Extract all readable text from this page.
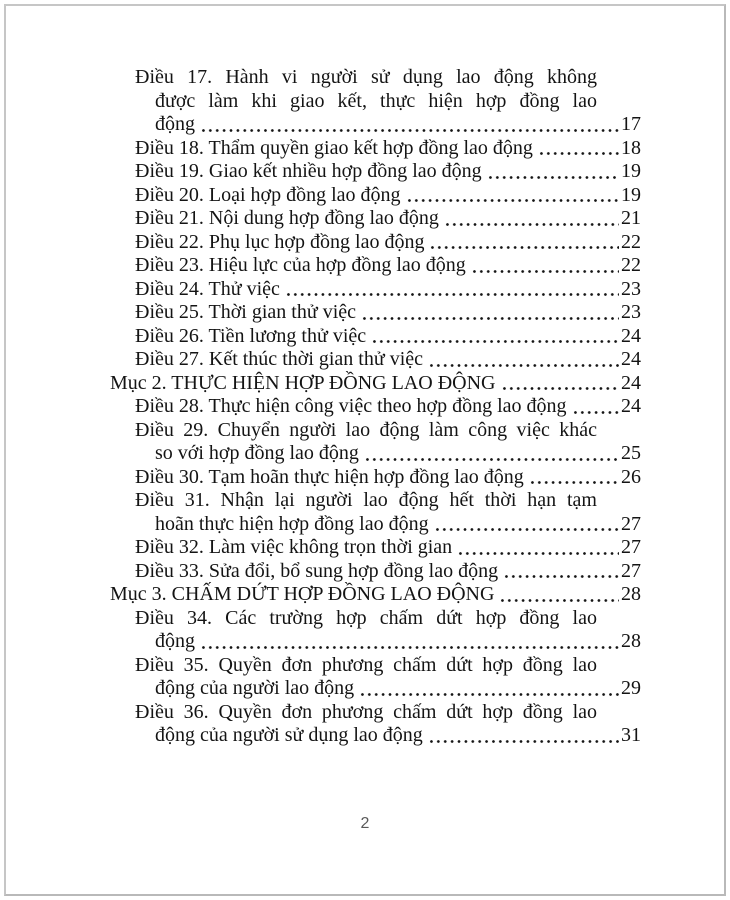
Điều 17. Hành vi người sử dụng lao động không
được làm khi giao kết, thực hiện hợp đồng lao
động	17
Điều 18. Thẩm quyền giao kết hợp đồng lao động	18
Điều 19. Giao kết nhiều hợp đồng lao động	19
Điều 20. Loại hợp đồng lao động	19
Điều 21. Nội dung hợp đồng lao động	21
Điều 22. Phụ lục hợp đồng lao động	22
Điều 23. Hiệu lực của hợp đồng lao động	22
Điều 24. Thử việc	23
Điều 25. Thời gian thử việc	23
Điều 26. Tiền lương thử việc	24
Điều 27. Kết thúc thời gian thử việc	24
Mục 2. THỰC HIỆN HỢP ĐỒNG LAO ĐỘNG	24
Điều 28. Thực hiện công việc theo hợp đồng lao động	24
Điều 29. Chuyển người lao động làm công việc khác
so với hợp đồng lao động	25
Điều 30. Tạm hoãn thực hiện hợp đồng lao động	26
Điều 31. Nhận lại người lao động hết thời hạn tạm
hoãn thực hiện hợp đồng lao động	27
Điều 32. Làm việc không trọn thời gian	27
Điều 33. Sửa đổi, bổ sung hợp đồng lao động	27
Mục 3. CHẤM DỨT HỢP ĐỒNG LAO ĐỘNG	28
Điều 34. Các trường hợp chấm dứt hợp đồng lao
động	28
Điều 35. Quyền đơn phương chấm dứt hợp đồng lao
động của người lao động	29
Điều 36. Quyền đơn phương chấm dứt hợp đồng lao
động của người sử dụng lao động	31
2
